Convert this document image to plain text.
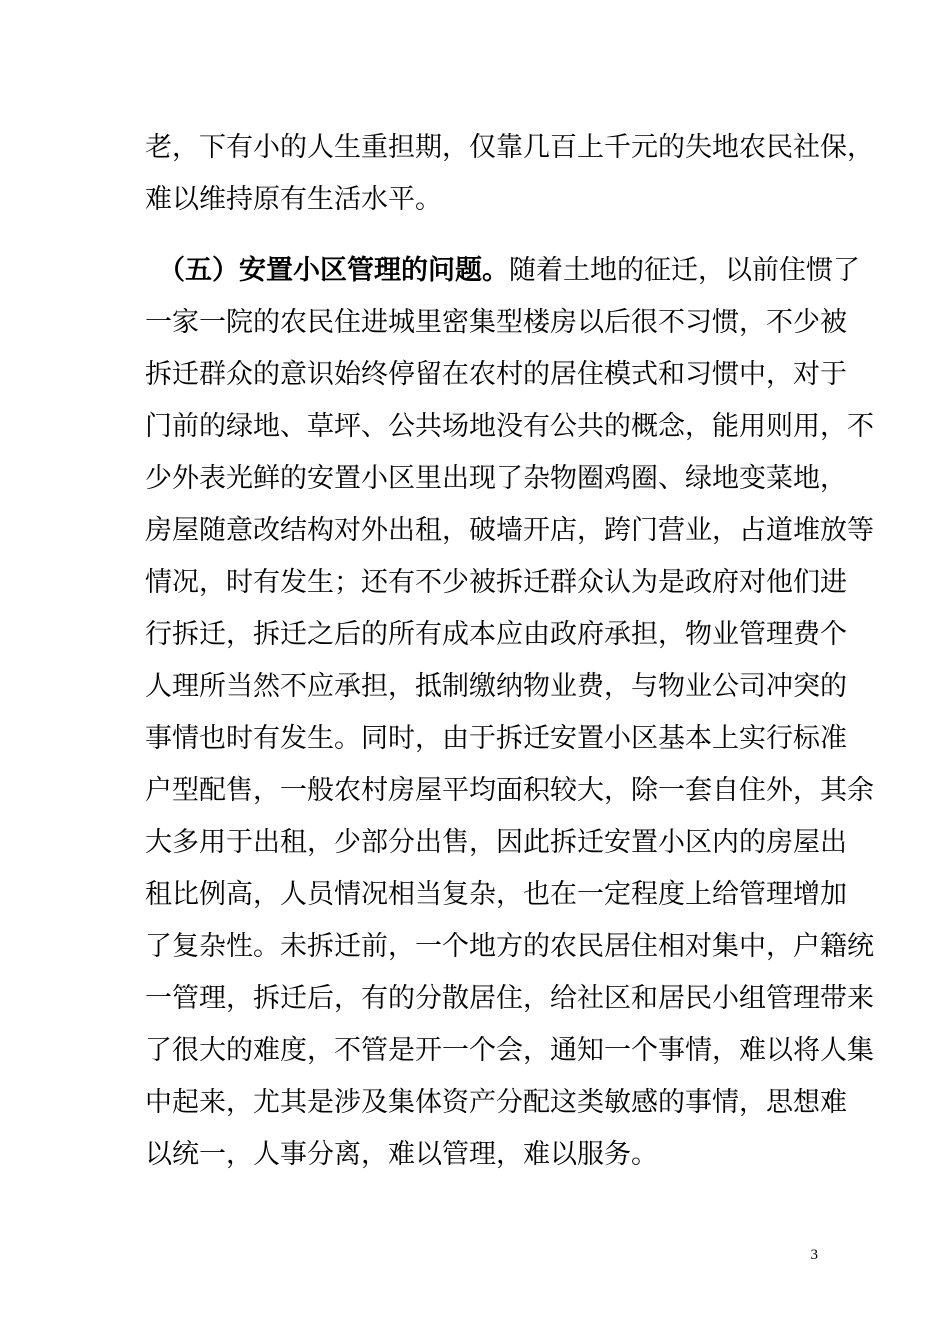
老，下有小的人生重担期，仅靠几百上千元的失地农民社保，
难以维持原有生活水平。
（五）安置小区管理的问题。随着土地的征迁，以前住惯了
一家一院的农民住进城里密集型楼房以后很不习惯，不少被
拆迁群众的意识始终停留在农村的居住模式和习惯中，对于
门前的绿地、草坪、公共场地没有公共的概念，能用则用，不
少外表光鲜的安置小区里出现了杂物圈鸡圈、绿地变菜地，
房屋随意改结构对外出租，破墙开店，跨门营业，占道堆放等
情况，时有发生；还有不少被拆迁群众认为是政府对他们进
行拆迁，拆迁之后的所有成本应由政府承担，物业管理费个
人理所当然不应承担，抵制缴纳物业费，与物业公司冲突的
事情也时有发生。同时，由于拆迁安置小区基本上实行标准
户型配售，一般农村房屋平均面积较大，除一套自住外，其余
大多用于出租，少部分出售，因此拆迁安置小区内的房屋出
租比例高，人员情况相当复杂，也在一定程度上给管理增加
了复杂性。未拆迁前，一个地方的农民居住相对集中，户籍统
一管理，拆迁后，有的分散居住，给社区和居民小组管理带来
了很大的难度，不管是开一个会，通知一个事情，难以将人集
中起来，尤其是涉及集体资产分配这类敏感的事情，思想难
以统一，人事分离，难以管理，难以服务。
3
